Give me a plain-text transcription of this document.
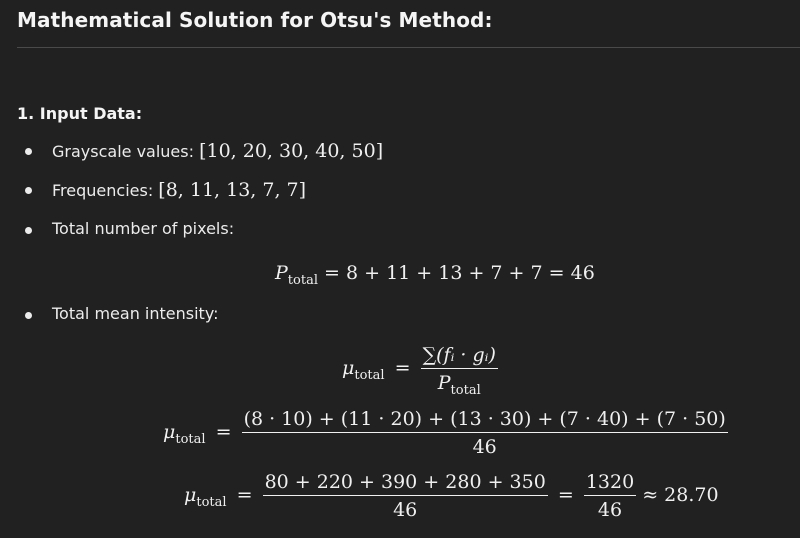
Mathematical Solution for Otsu's Method:
1. Input Data:
Grayscale values: [10, 20, 30, 40, 50]
Frequencies: [8, 11, 13, 7, 7]
Total number of pixels:
$P_{total} = 8 + 11 + 13 + 7 + 7 = 46$
Total mean intensity:
$\mu_{total} = \frac{\text{∑(fᵢ · gᵢ)}}{P_{total}}$
$\mu_{total} = \frac{(8 \cdot 10) + (11 \cdot 20) + (13 \cdot 30) + (7 \cdot 40) + (7 \cdot 50)}{46}$
$\mu_{total} = \frac{80 + 220 + 390 + 280 + 350}{46} = \frac{1320}{46} \approx 28.70$
